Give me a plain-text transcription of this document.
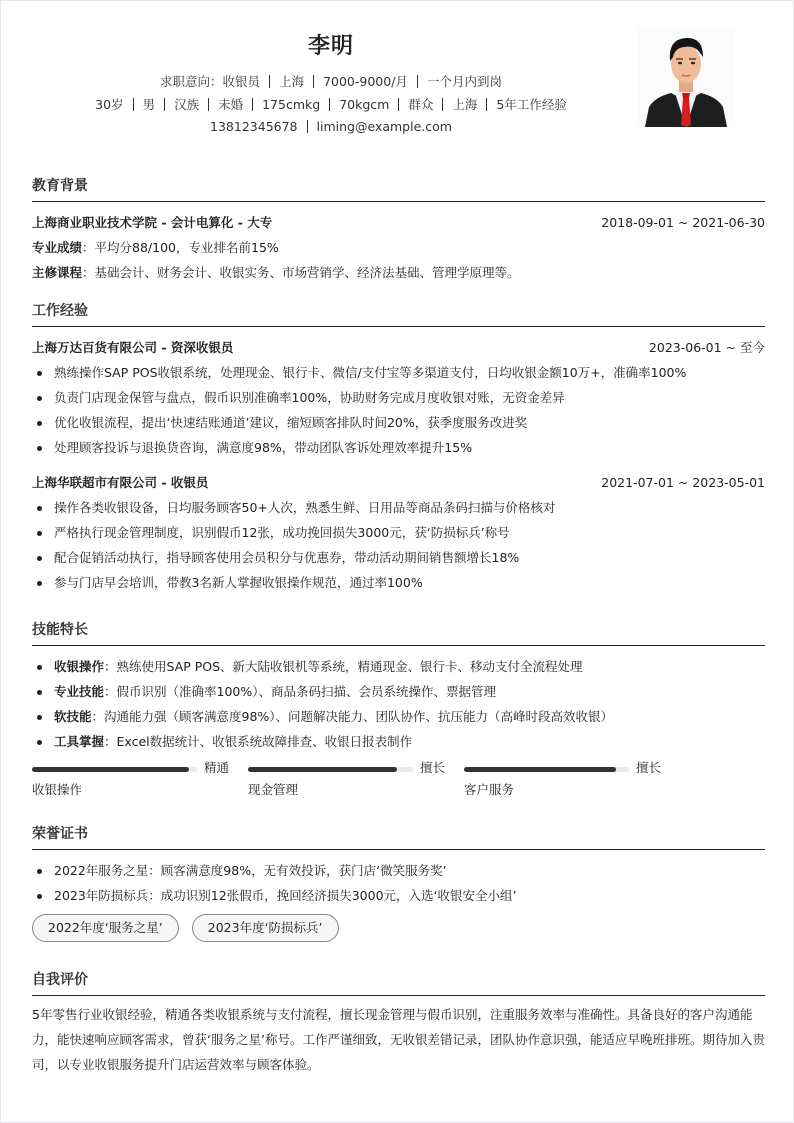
李明
求职意向：收银员 上海 7000-9000/月 一个月内到岗
30岁 男 汉族 未婚 175cmkg 70kgcm 群众 上海 5年工作经验
13812345678 liming@example.com
教育背景
上海商业职业技术学院 - 会计电算化 - 大专	2018-09-01 ~ 2021-06-30
专业成绩：平均分88/100，专业排名前15%
主修课程：基础会计、财务会计、收银实务、市场营销学、经济法基础、管理学原理等。
工作经验
上海万达百货有限公司 - 资深收银员	2023-06-01 ~ 至今
熟练操作SAP POS收银系统，处理现金、银行卡、微信/支付宝等多渠道支付，日均收银金额10万+，准确率100%
负责门店现金保管与盘点，假币识别准确率100%，协助财务完成月度收银对账，无资金差异
优化收银流程，提出‘快速结账通道’建议，缩短顾客排队时间20%，获季度服务改进奖
处理顾客投诉与退换货咨询，满意度98%，带动团队客诉处理效率提升15%
上海华联超市有限公司 - 收银员	2021-07-01 ~ 2023-05-01
操作各类收银设备，日均服务顾客50+人次，熟悉生鲜、日用品等商品条码扫描与价格核对
严格执行现金管理制度，识别假币12张，成功挽回损失3000元，获‘防损标兵’称号
配合促销活动执行，指导顾客使用会员积分与优惠券，带动活动期间销售额增长18%
参与门店早会培训，带教3名新人掌握收银操作规范，通过率100%
技能特长
收银操作：熟练使用SAP POS、新大陆收银机等系统，精通现金、银行卡、移动支付全流程处理
专业技能：假币识别（准确率100%）、商品条码扫描、会员系统操作、票据管理
软技能：沟通能力强（顾客满意度98%）、问题解决能力、团队协作、抗压能力（高峰时段高效收银）
工具掌握：Excel数据统计、收银系统故障排查、收银日报表制作
精通
收银操作
擅长
现金管理
擅长
客户服务
荣誉证书
2022年服务之星：顾客满意度98%，无有效投诉，获门店‘微笑服务奖’
2023年防损标兵：成功识别12张假币，挽回经济损失3000元，入选‘收银安全小组’
2022年度‘服务之星’	2023年度‘防损标兵’
自我评价
5年零售行业收银经验，精通各类收银系统与支付流程，擅长现金管理与假币识别，注重服务效率与准确性。具备良好的客户沟通能力，能快速响应顾客需求，曾获‘服务之星’称号。工作严谨细致，无收银差错记录，团队协作意识强，能适应早晚班排班。期待加入贵司，以专业收银服务提升门店运营效率与顾客体验。
